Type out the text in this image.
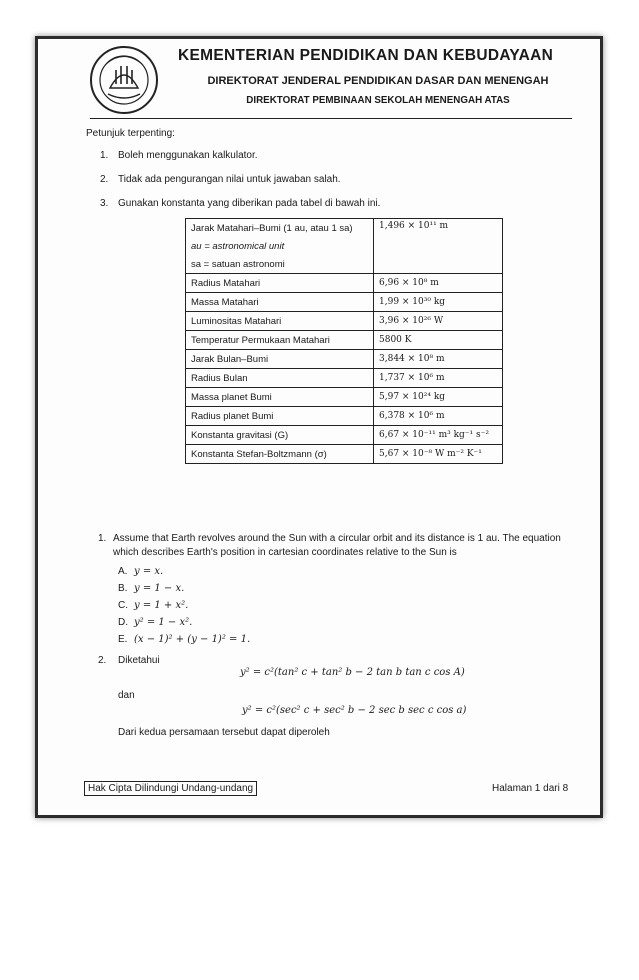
KEMENTERIAN PENDIDIKAN DAN KEBUDAYAAN
DIREKTORAT JENDERAL PENDIDIKAN DASAR DAN MENENGAH
DIREKTORAT PEMBINAAN SEKOLAH MENENGAH ATAS
Petunjuk terpenting:
1. Boleh menggunakan kalkulator.
2. Tidak ada pengurangan nilai untuk jawaban salah.
3. Gunakan konstanta yang diberikan pada tabel di bawah ini.
Jarak Matahari–Bumi (1 au, atau 1 sa)	1,496 × 10¹¹ m
au = astronomical unit	
sa = satuan astronomi	
Radius Matahari	6,96 × 10⁸ m
Massa Matahari	1,99 × 10³⁰ kg
Luminositas Matahari	3,96 × 10²⁶ W
Temperatur Permukaan Matahari	5800 K
Jarak Bulan–Bumi	3,844 × 10⁸ m
Radius Bulan	1,737 × 10⁶ m
Massa planet Bumi	5,97 × 10²⁴ kg
Radius planet Bumi	6,378 × 10⁶ m
Konstanta gravitasi (G)	6,67 × 10⁻¹¹ m³ kg⁻¹ s⁻²
Konstanta Stefan-Boltzmann (σ)	5,67 × 10⁻⁸ W m⁻² K⁻¹
1. Assume that Earth revolves around the Sun with a circular orbit and its distance is 1 au. The equation which describes Earth's position in cartesian coordinates relative to the Sun is
A. y = x.
B. y = 1 − x.
C. y = 1 + x².
D. y² = 1 − x².
E. (x − 1)² + (y − 1)² = 1.
2. Diketahui
y² = c²(tan² c + tan² b − 2 tan b tan c cos A)
dan
y² = c²(sec² c + sec² b − 2 sec b sec c cos a)
Dari kedua persamaan tersebut dapat diperoleh
Hak Cipta Dilindungi Undang-undang	Halaman 1 dari 8
